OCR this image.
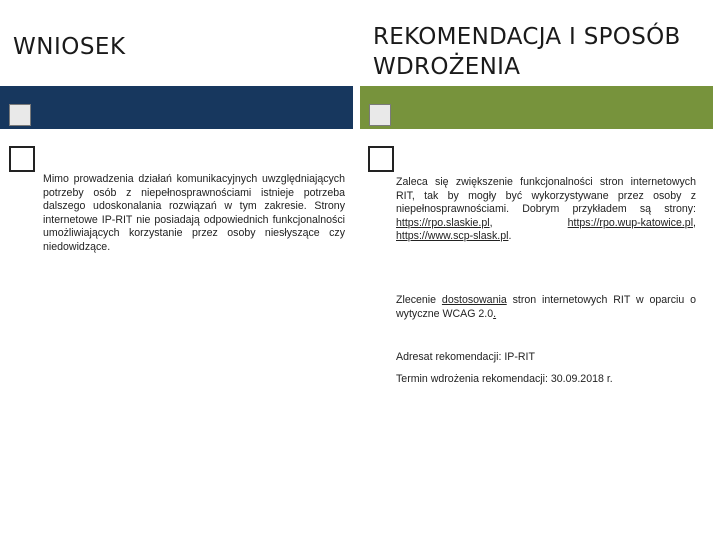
WNIOSEK	REKOMENDACJA I SPOSÓB WDROŻENIA

Mimo prowadzenia działań komunikacyjnych uwzględniających potrzeby osób z niepełnosprawnościami istnieje potrzeba dalszego udoskonalania rozwiązań w tym zakresie. Strony internetowe IP-RIT nie posiadają odpowiednich funkcjonalności umożliwiających korzystanie przez osoby niesłyszące czy niedowidzące.

Zaleca się zwiększenie funkcjonalności stron internetowych RIT, tak by mogły być wykorzystywane przez osoby z niepełnosprawnościami. Dobrym przykładem są strony: https://rpo.slaskie.pl,	https://rpo.wup-katowice.pl, https://www.scp-slask.pl.

Zlecenie dostosowania stron internetowych RIT w oparciu o wytyczne WCAG 2.0.

Adresat rekomendacji: IP-RIT
Termin wdrożenia rekomendacji: 30.09.2018 r.
